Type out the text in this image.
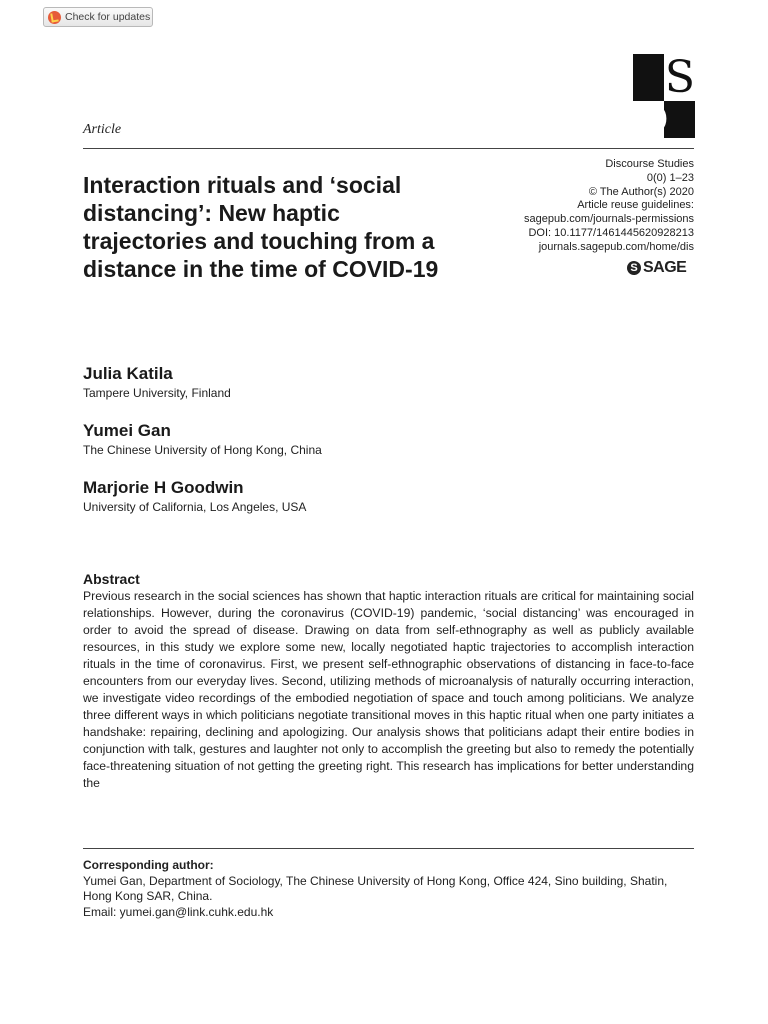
Check for updates
S
D
Article
Interaction rituals and ‘social distancing’: New haptic trajectories and touching from a distance in the time of COVID-19
Discourse Studies
0(0) 1–23
© The Author(s) 2020
Article reuse guidelines:
sagepub.com/journals-permissions
DOI: 10.1177/1461445620928213
journals.sagepub.com/home/dis
S SAGE
Julia Katila
Tampere University, Finland
Yumei Gan
The Chinese University of Hong Kong, China
Marjorie H Goodwin
University of California, Los Angeles, USA
Abstract

Previous research in the social sciences has shown that haptic interaction rituals are critical for maintaining social relationships. However, during the coronavirus (COVID-19) pandemic, ‘social distancing’ was encouraged in order to avoid the spread of disease. Drawing on data from self-ethnography as well as publicly available resources, in this study we explore some new, locally negotiated haptic trajectories to accomplish interaction rituals in the time of coronavirus. First, we present self-ethnographic observations of distancing in face-to-face encounters from our everyday lives. Second, utilizing methods of microanalysis of naturally occurring interaction, we investigate video recordings of the embodied negotiation of space and touch among politicians. We analyze three different ways in which politicians negotiate transitional moves in this haptic ritual when one party initiates a handshake: repairing, declining and apologizing. Our analysis shows that politicians adapt their entire bodies in conjunction with talk, gestures and laughter not only to accomplish the greeting but also to remedy the potentially face-threatening situation of not getting the greeting right. This research has implications for better understanding the

Corresponding author:
Yumei Gan, Department of Sociology, The Chinese University of Hong Kong, Office 424, Sino building, Shatin, Hong Kong SAR, China.
Email: yumei.gan@link.cuhk.edu.hk
